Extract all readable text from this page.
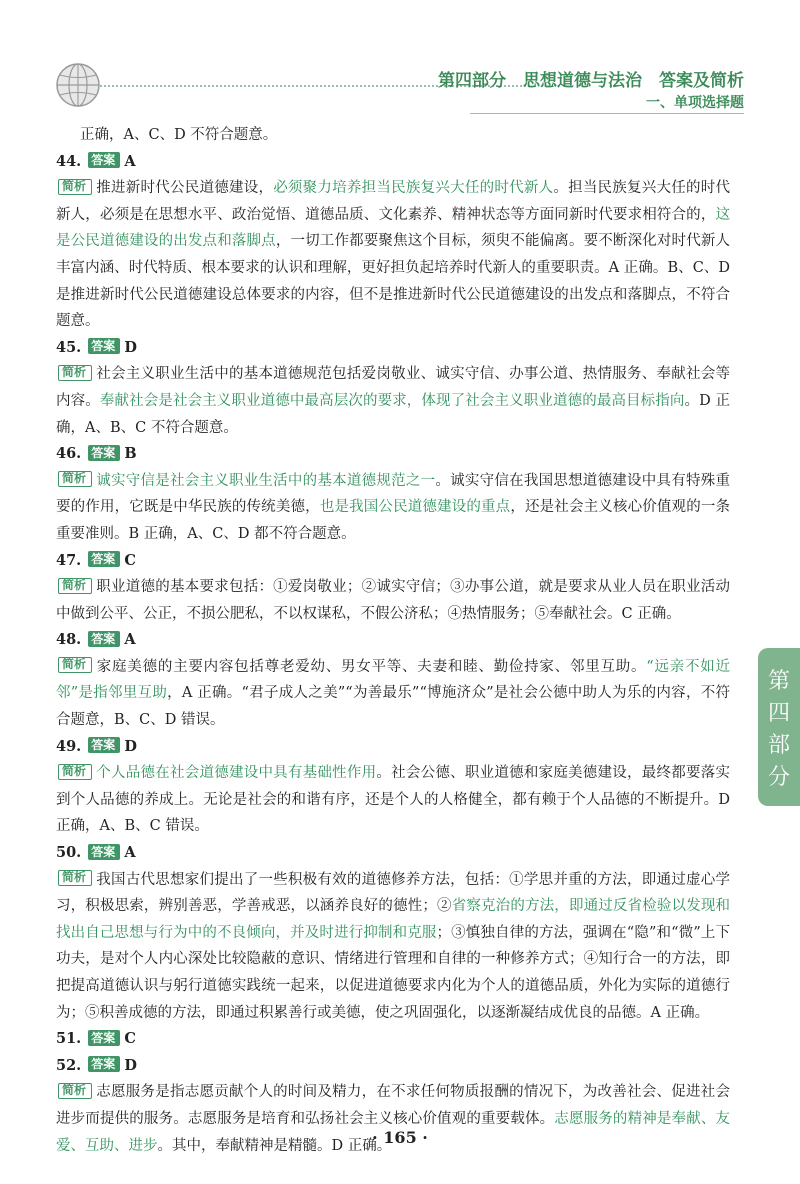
第四部分　思想道德与法治　答案及简析
一、单项选择题

正确，A、C、D 不符合题意。

44. 答案 A

简析 推进新时代公民道德建设，必须聚力培养担当民族复兴大任的时代新人。担当民族复兴大任的时代新人，必须是在思想水平、政治觉悟、道德品质、文化素养、精神状态等方面同新时代要求相符合的，这是公民道德建设的出发点和落脚点，一切工作都要聚焦这个目标，须臾不能偏离。要不断深化对时代新人丰富内涵、时代特质、根本要求的认识和理解，更好担负起培养时代新人的重要职责。A 正确。B、C、D 是推进新时代公民道德建设总体要求的内容，但不是推进新时代公民道德建设的出发点和落脚点，不符合题意。

45. 答案 D

简析 社会主义职业生活中的基本道德规范包括爱岗敬业、诚实守信、办事公道、热情服务、奉献社会等内容。奉献社会是社会主义职业道德中最高层次的要求，体现了社会主义职业道德的最高目标指向。D 正确，A、B、C 不符合题意。

46. 答案 B

简析 诚实守信是社会主义职业生活中的基本道德规范之一。诚实守信在我国思想道德建设中具有特殊重要的作用，它既是中华民族的传统美德，也是我国公民道德建设的重点，还是社会主义核心价值观的一条重要准则。B 正确，A、C、D 都不符合题意。

47. 答案 C

简析 职业道德的基本要求包括：①爱岗敬业；②诚实守信；③办事公道，就是要求从业人员在职业活动中做到公平、公正，不损公肥私，不以权谋私，不假公济私；④热情服务；⑤奉献社会。C 正确。

48. 答案 A

简析 家庭美德的主要内容包括尊老爱幼、男女平等、夫妻和睦、勤俭持家、邻里互助。“远亲不如近邻”是指邻里互助，A 正确。“君子成人之美”“为善最乐”“博施济众”是社会公德中助人为乐的内容，不符合题意，B、C、D 错误。

49. 答案 D

简析 个人品德在社会道德建设中具有基础性作用。社会公德、职业道德和家庭美德建设，最终都要落实到个人品德的养成上。无论是社会的和谐有序，还是个人的人格健全，都有赖于个人品德的不断提升。D 正确，A、B、C 错误。

50. 答案 A

简析 我国古代思想家们提出了一些积极有效的道德修养方法，包括：①学思并重的方法，即通过虚心学习，积极思索，辨别善恶，学善戒恶，以涵养良好的德性；②省察克治的方法，即通过反省检验以发现和找出自己思想与行为中的不良倾向，并及时进行抑制和克服；③慎独自律的方法，强调在“隐”和“微”上下功夫，是对个人内心深处比较隐蔽的意识、情绪进行管理和自律的一种修养方式；④知行合一的方法，即把提高道德认识与躬行道德实践统一起来，以促进道德要求内化为个人的道德品质，外化为实际的道德行为；⑤积善成德的方法，即通过积累善行或美德，使之巩固强化，以逐渐凝结成优良的品德。A 正确。

51. 答案 C
52. 答案 D

简析 志愿服务是指志愿贡献个人的时间及精力，在不求任何物质报酬的情况下，为改善社会、促进社会进步而提供的服务。志愿服务是培育和弘扬社会主义核心价值观的重要载体。志愿服务的精神是奉献、友爱、互助、进步。其中，奉献精神是精髓。D 正确。

第四部分
· 165 ·
